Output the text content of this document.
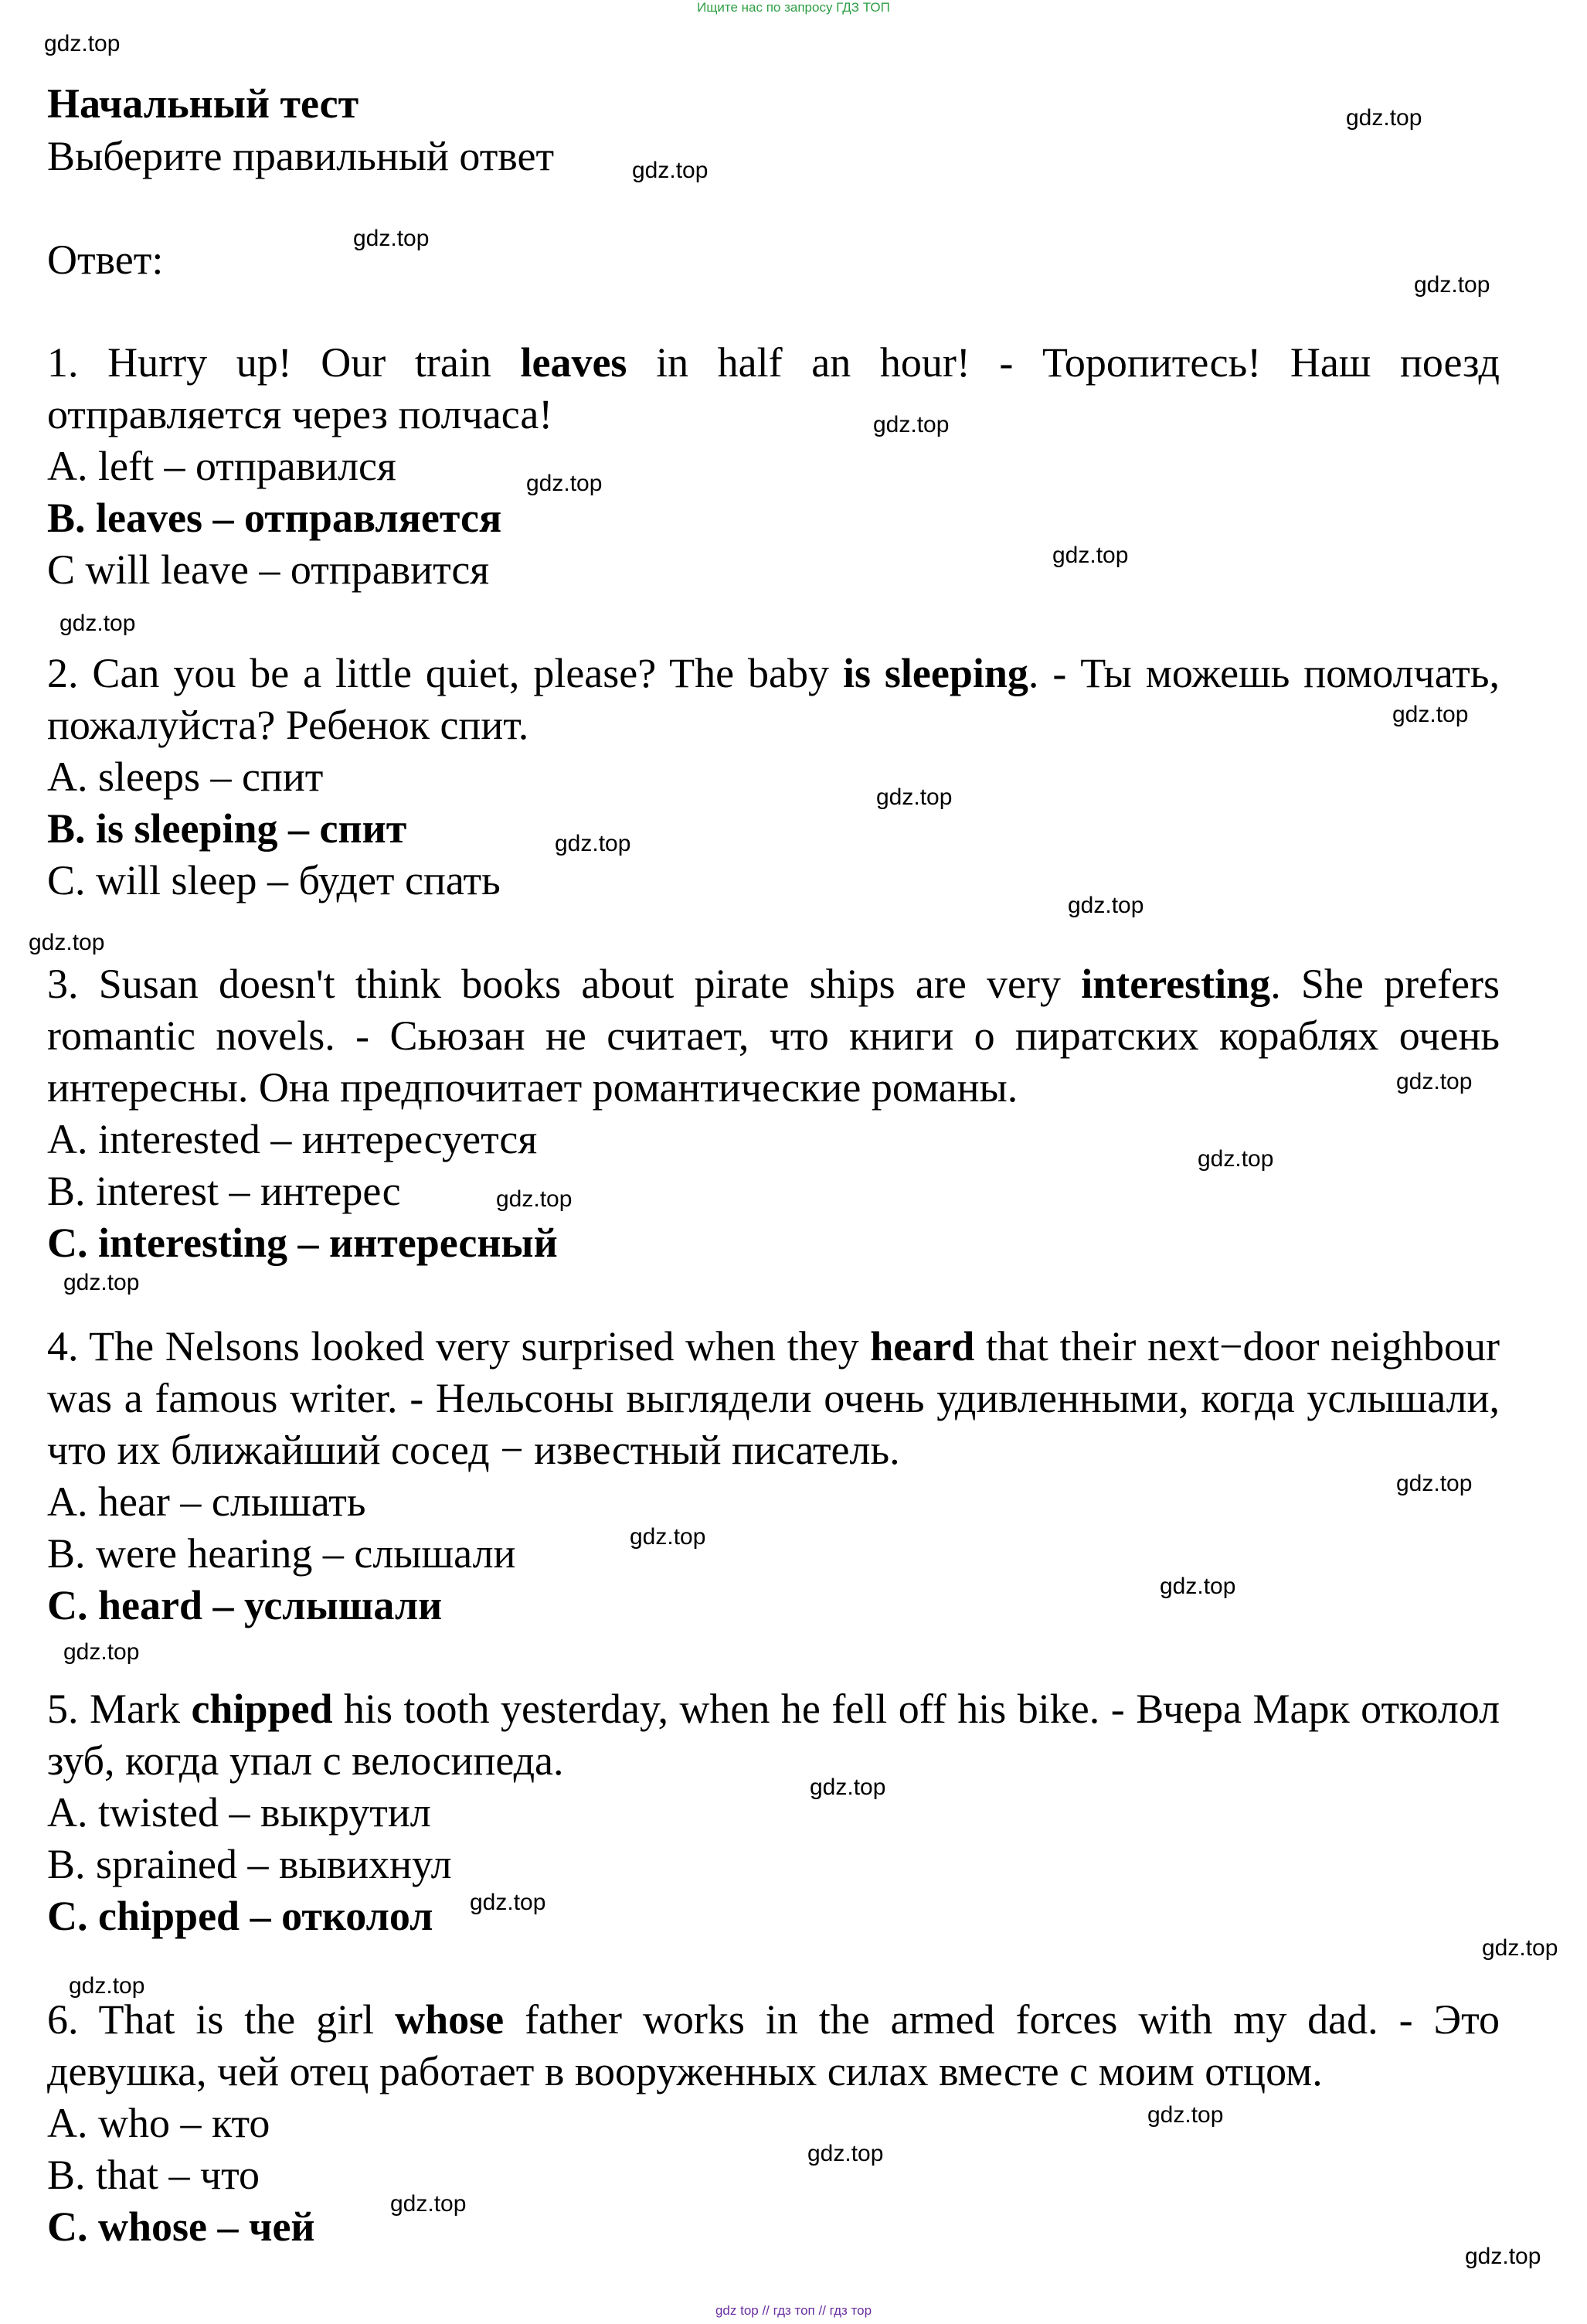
Ищите нас по запросу ГДЗ ТОП

Начальный тест

Выберите правильный ответ

Ответ:

1. Hurry up! Our train leaves in half an hour! - Торопитесь! Наш поезд отправляется через полчаса!

A. left – отправился

B. leaves – отправляется

C will leave – отправится

2. Can you be a little quiet, please? The baby is sleeping. - Ты можешь помолчать, пожалуйста? Ребенок спит.

A. sleeps – спит

B. is sleeping – спит

C. will sleep – будет спать

3. Susan doesn't think books about pirate ships are very interesting. She prefers romantic novels. - Сьюзан не считает, что книги о пиратских кораблях очень интересны. Она предпочитает романтические романы.

A. interested – интересуется

B. interest – интерес

C. interesting – интересный

4. The Nelsons looked very surprised when they heard that their next−door neighbour was a famous writer. - Нельсоны выглядели очень удивленными, когда услышали, что их ближайший сосед − известный писатель.

A. hear – слышать

B. were hearing – слышали

C. heard – услышали

5. Mark chipped his tooth yesterday, when he fell off his bike. - Вчера Марк отколол зуб, когда упал с велосипеда.

A. twisted – выкрутил

B. sprained – вывихнул

C. chipped – отколол

6. That is the girl whose father works in the armed forces with my dad. - Это девушка, чей отец работает в вооруженных силах вместе с моим отцом.

A. who – кто

B. that – что

C. whose – чей

gdz.top
gdz.top
gdz.top
gdz.top
gdz.top
gdz.top
gdz.top
gdz.top
gdz.top
gdz.top
gdz.top
gdz.top
gdz.top
gdz.top
gdz.top
gdz.top
gdz.top
gdz.top
gdz.top
gdz.top
gdz.top
gdz.top
gdz.top
gdz.top
gdz.top
gdz.top
gdz.top
gdz.top
gdz.top
gdz.top
gdz top // гдз топ // гдз тор
